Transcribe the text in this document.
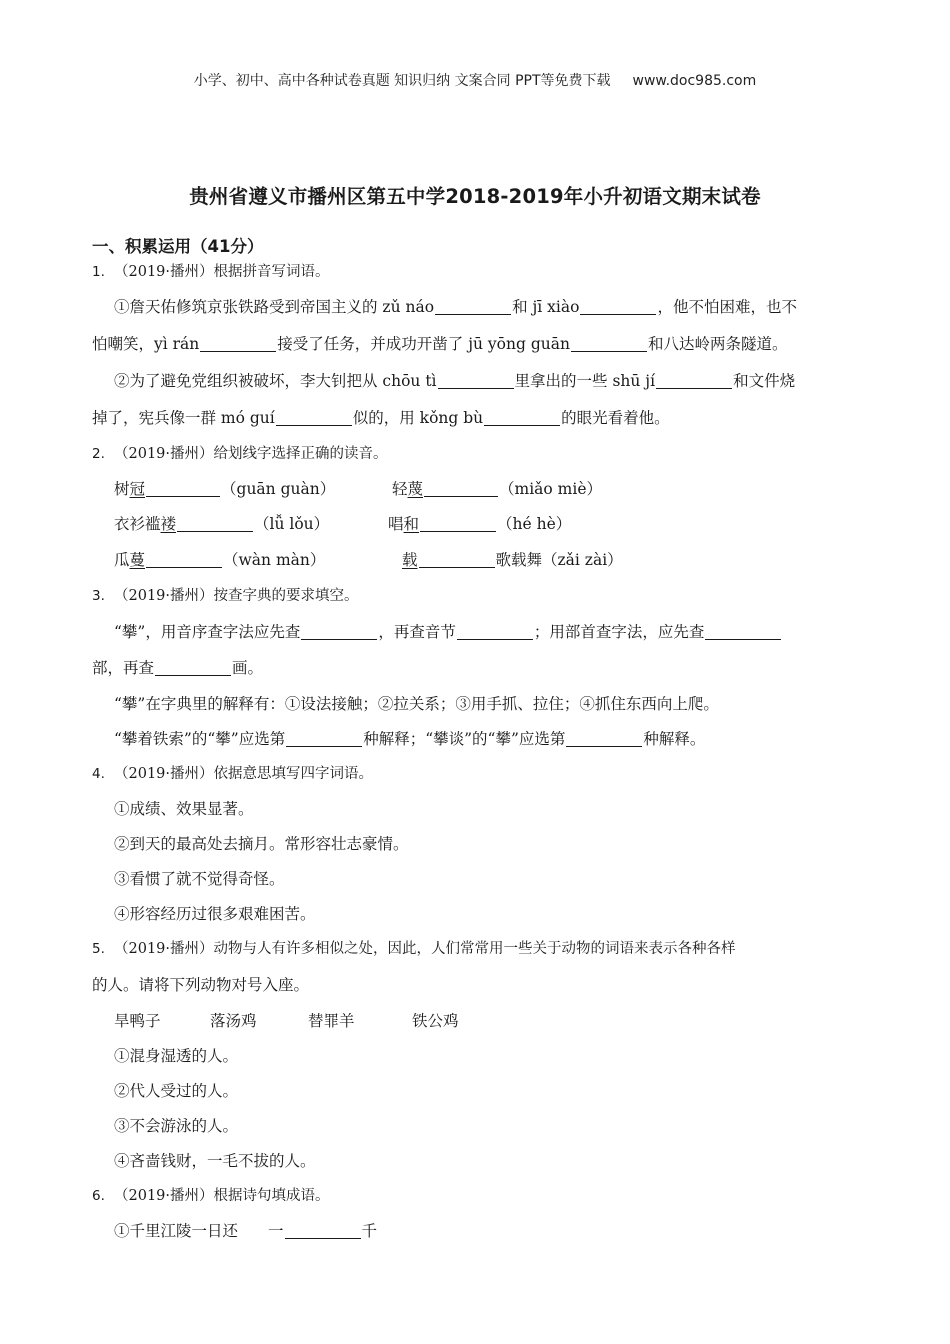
小学、初中、高中各种试卷真题 知识归纳 文案合同 PPT等免费下载 www.doc985.com
贵州省遵义市播州区第五中学2018-2019年小升初语文期末试卷
一、积累运用（41分）
1. （2019·播州）根据拼音写词语。
①詹天佑修筑京张铁路受到帝国主义的 zǔ náo	和 jī xiào	，他不怕困难，也不
怕嘲笑，yì rán	接受了任务，并成功开凿了 jū yōng guān	和八达岭两条隧道。
②为了避免党组织被破坏，李大钊把从 chōu tì	里拿出的一些 shū jí	和文件烧
掉了，宪兵像一群 mó guí	似的，用 kǒng bù	的眼光看着他。
2. （2019·播州）给划线字选择正确的读音。
树冠	（guān guàn）	轻蔑	（miǎo miè）
衣衫褴褛	（lǚ lǒu）	唱和	（hé hè）
瓜蔓	（wàn màn）	载	歌载舞（zǎi zài）
3. （2019·播州）按查字典的要求填空。
“攀”，用音序查字法应先查	，再查音节	；用部首查字法，应先查
部，再查	画。
“攀”在字典里的解释有：①设法接触；②拉关系；③用手抓、拉住；④抓住东西向上爬。
“攀着铁索”的“攀”应选第	种解释；“攀谈”的“攀”应选第	种解释。
4. （2019·播州）依据意思填写四字词语。
①成绩、效果显著。
②到天的最高处去摘月。常形容壮志豪情。
③看惯了就不觉得奇怪。
④形容经历过很多艰难困苦。
5. （2019·播州）动物与人有许多相似之处，因此，人们常常用一些关于动物的词语来表示各种各样
的人。请将下列动物对号入座。
旱鸭子	落汤鸡	替罪羊	铁公鸡
①混身湿透的人。
②代人受过的人。
③不会游泳的人。
④吝啬钱财，一毛不拔的人。
6. （2019·播州）根据诗句填成语。
①千里江陵一日还 一	千
